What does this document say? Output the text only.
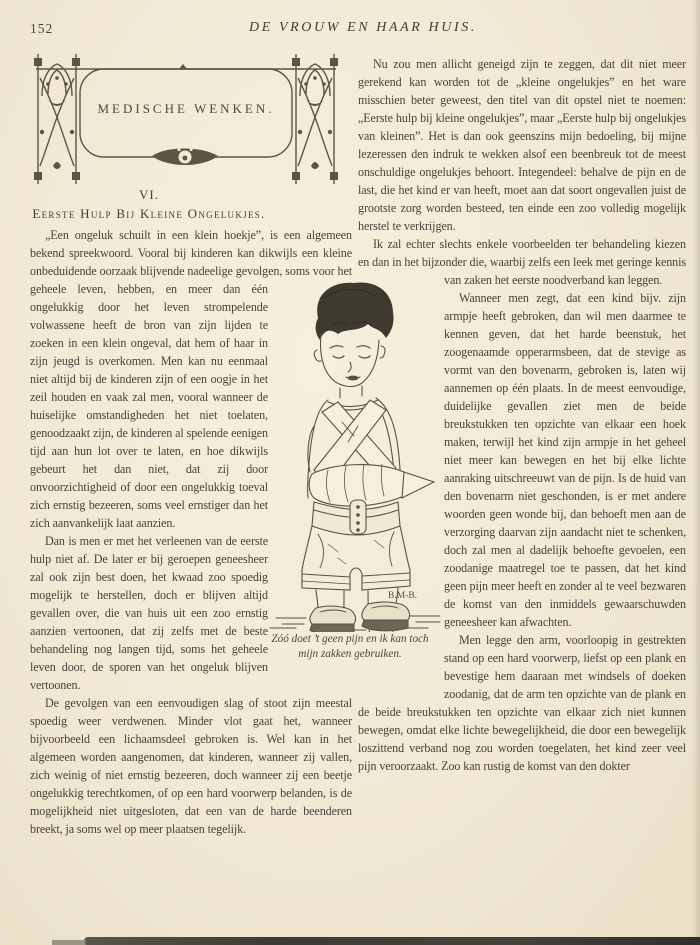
152	DE VROUW EN HAAR HUIS.
MEDISCHE WENKEN.
VI.
Eerste Hulp Bij Kleine Ongelukjes.

„Een ongeluk schuilt in een klein hoekje”, is een algemeen bekend spreekwoord. Vooral bij kinderen kan dikwijls een kleine onbeduidende oorzaak blijvende nadeelige gevolgen, soms voor het geheele leven, hebben, en meer dan één ongelukkig door het leven strompelende volwassene heeft de bron van zijn lijden te zoeken in een klein ongeval, dat hem of haar in zijn jeugd is overkomen. Men kan nu eenmaal niet altijd bij de kinderen zijn of een oogje in het zeil houden en vaak zal men, vooral wanneer de huiselijke omstandigheden het niet toelaten, genoodzaakt zijn, de kinderen al spelende eenigen tijd aan hun lot over te laten, en hoe dikwijls gebeurt het dan niet, dat zij door onvoorzichtigheid of door een ongelukkig toeval zich ernstig bezeeren, soms veel ernstiger dan het zich aanvankelijk laat aanzien.

Dan is men er met het verleenen van de eerste hulp niet af. De later er bij geroepen geneesheer zal ook zijn best doen, het kwaad zoo spoedig mogelijk te herstellen, doch er blijven altijd gevallen over, die van huis uit een zoo ernstig aanzien vertoonen, dat zij zelfs met de beste behandeling nog langen tijd, soms het geheele leven door, de sporen van het ongeluk blijven vertoonen.

De gevolgen van een eenvoudigen slag of stoot zijn meestal spoedig weer verdwenen. Minder vlot gaat het, wanneer bijvoorbeeld een lichaamsdeel gebroken is. Wel kan in het algemeen worden aangenomen, dat kinderen, wanneer zij vallen, zich weinig of niet ernstig bezeeren, doch wanneer zij een beetje ongelukkig terechtkomen, of op een hard voorwerp belanden, is de mogelijkheid niet uitgesloten, dat een van de harde beenderen breekt, ja soms wel op meer plaatsen tegelijk.

Nu zou men allicht geneigd zijn te zeggen, dat dit niet meer gerekend kan worden tot de „kleine ongelukjes” en het ware misschien beter geweest, den titel van dit opstel niet te noemen: „Eerste hulp bij kleine ongelukjes”, maar „Eerste hulp bij ongelukjes van kleinen”. Het is dan ook geenszins mijn bedoeling, bij mijne lezeressen den indruk te wekken alsof een beenbreuk tot de meest onschuldige ongelukjes behoort. Integendeel: behalve de pijn en de last, die het kind er van heeft, moet aan dat soort ongevallen juist de grootste zorg worden besteed, ten einde een zoo volledig mogelijk herstel te verkrijgen.

Ik zal echter slechts enkele voorbeelden ter behandeling kiezen en dan in het bijzonder die, waarbij zelfs een leek met geringe kennis van zaken het eerste noodverband kan leggen.

Wanneer men zegt, dat een kind bijv. zijn armpje heeft gebroken, dan wil men daarmee te kennen geven, dat het harde beenstuk, het zoogenaamde opperarmsbeen, dat de stevige as vormt van den bovenarm, gebroken is, laten wij aannemen op één plaats. In de meest eenvoudige, duidelijke gevallen ziet men de beide breukstukken ten opzichte van elkaar een hoek maken, terwijl het kind zijn armpje in het geheel niet meer kan bewegen en het bij elke lichte aanraking uitschreeuwt van de pijn. Is de huid van den bovenarm niet geschonden, is er met andere woorden geen wonde bij, dan behoeft men aan de verzorging daarvan zijn aandacht niet te schenken, doch zal men al dadelijk behoefte gevoelen, een zoodanige maatregel toe te passen, dat het kind geen pijn meer heeft en zonder al te veel bezwaren de komst van den inmiddels gewaarschuwden geneesheer kan afwachten.

Men legge den arm, voorloopig in gestrekten stand op een hard voorwerp, liefst op een plank en bevestige hem daaraan met windsels of doeken zoodanig, dat de arm ten opzichte van de plank en de beide breukstukken ten opzichte van elkaar zich niet kunnen bewegen, omdat elke lichte bewegelijkheid, die door een bewegelijk loszittend verband nog zou worden toegelaten, het kind zeer veel pijn veroorzaakt. Zoo kan rustig de komst van den dokter

B.M-B.
Zóó doet ’t geen pijn en ik kan toch mijn zakken gebruiken.
